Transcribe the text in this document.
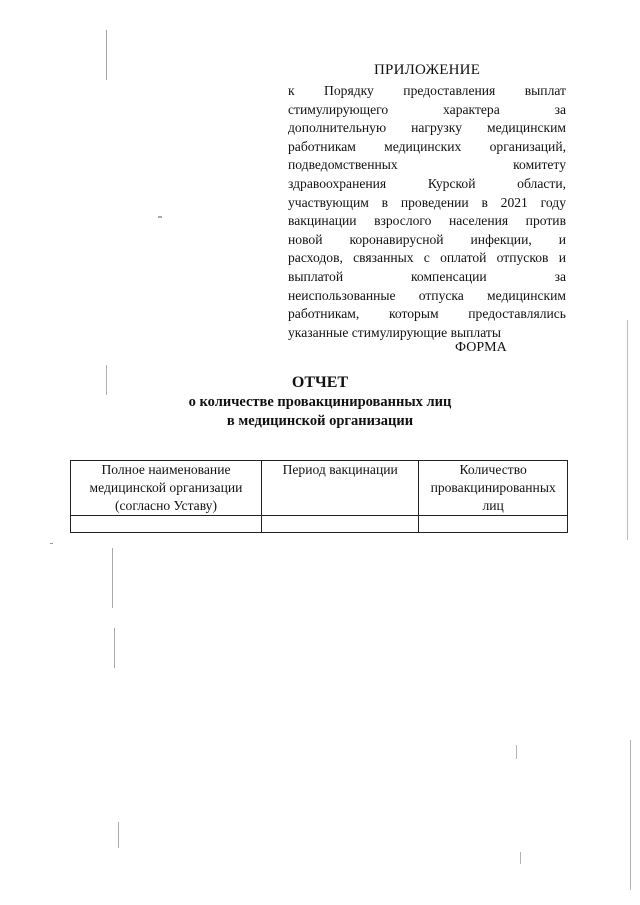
ПРИЛОЖЕНИЕ
к Порядку предоставления выплат
стимулирующего характера за
дополнительную нагрузку медицинским
работникам медицинских организаций,
подведомственных комитету
здравоохранения Курской области,
участвующим в проведении в 2021 году
вакцинации взрослого населения против
новой коронавирусной инфекции, и
расходов, связанных с оплатой отпусков и
выплатой компенсации за
неиспользованные отпуска медицинским
работникам, которым предоставлялись
указанные стимулирующие выплаты
ФОРМА
ОТЧЕТ
о количестве провакцинированных лиц
в медицинской организации
Полное наименование медицинской организации (согласно Уставу)	Период вакцинации	Количество провакцинированных лиц
